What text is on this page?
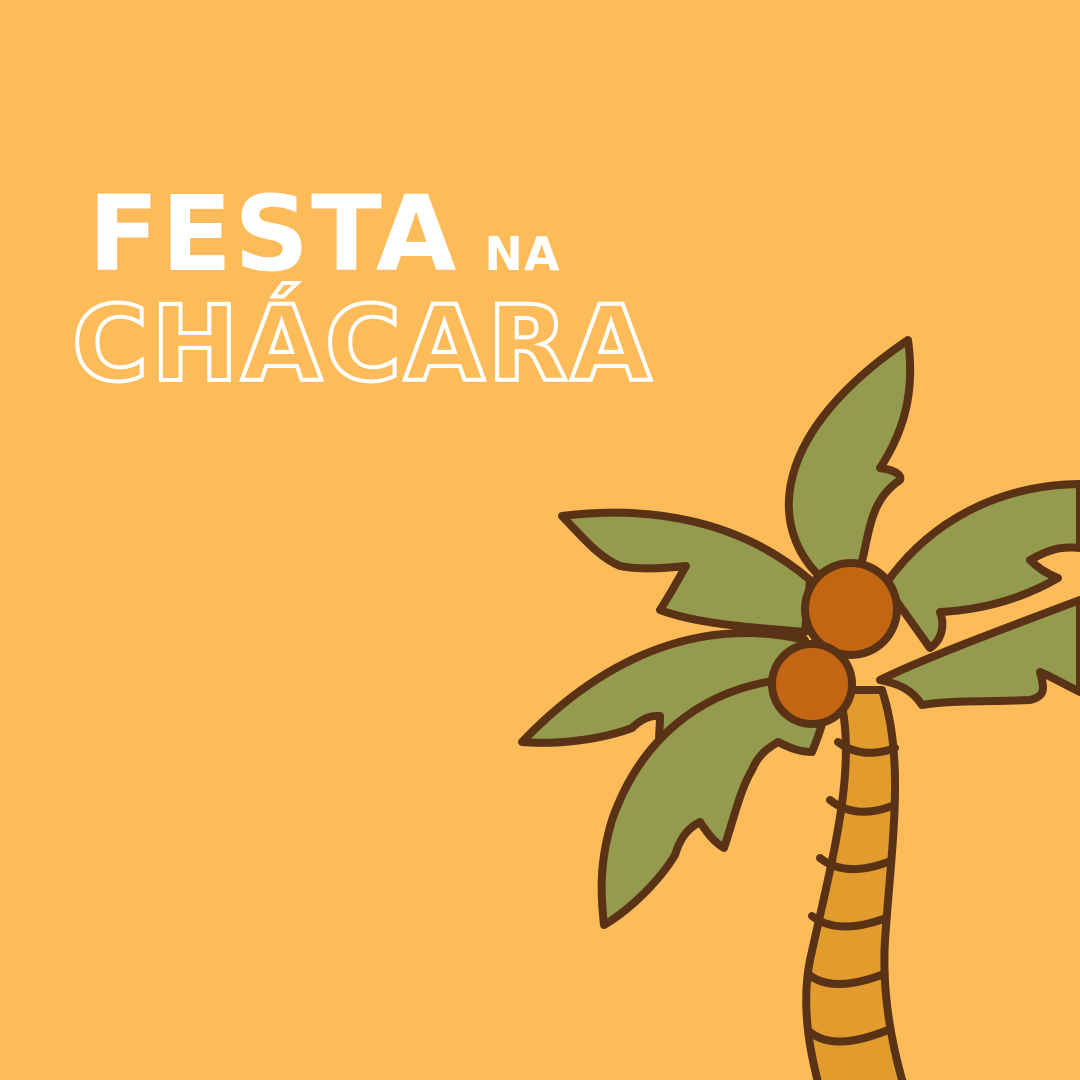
FESTA NA
CHÁCARA
